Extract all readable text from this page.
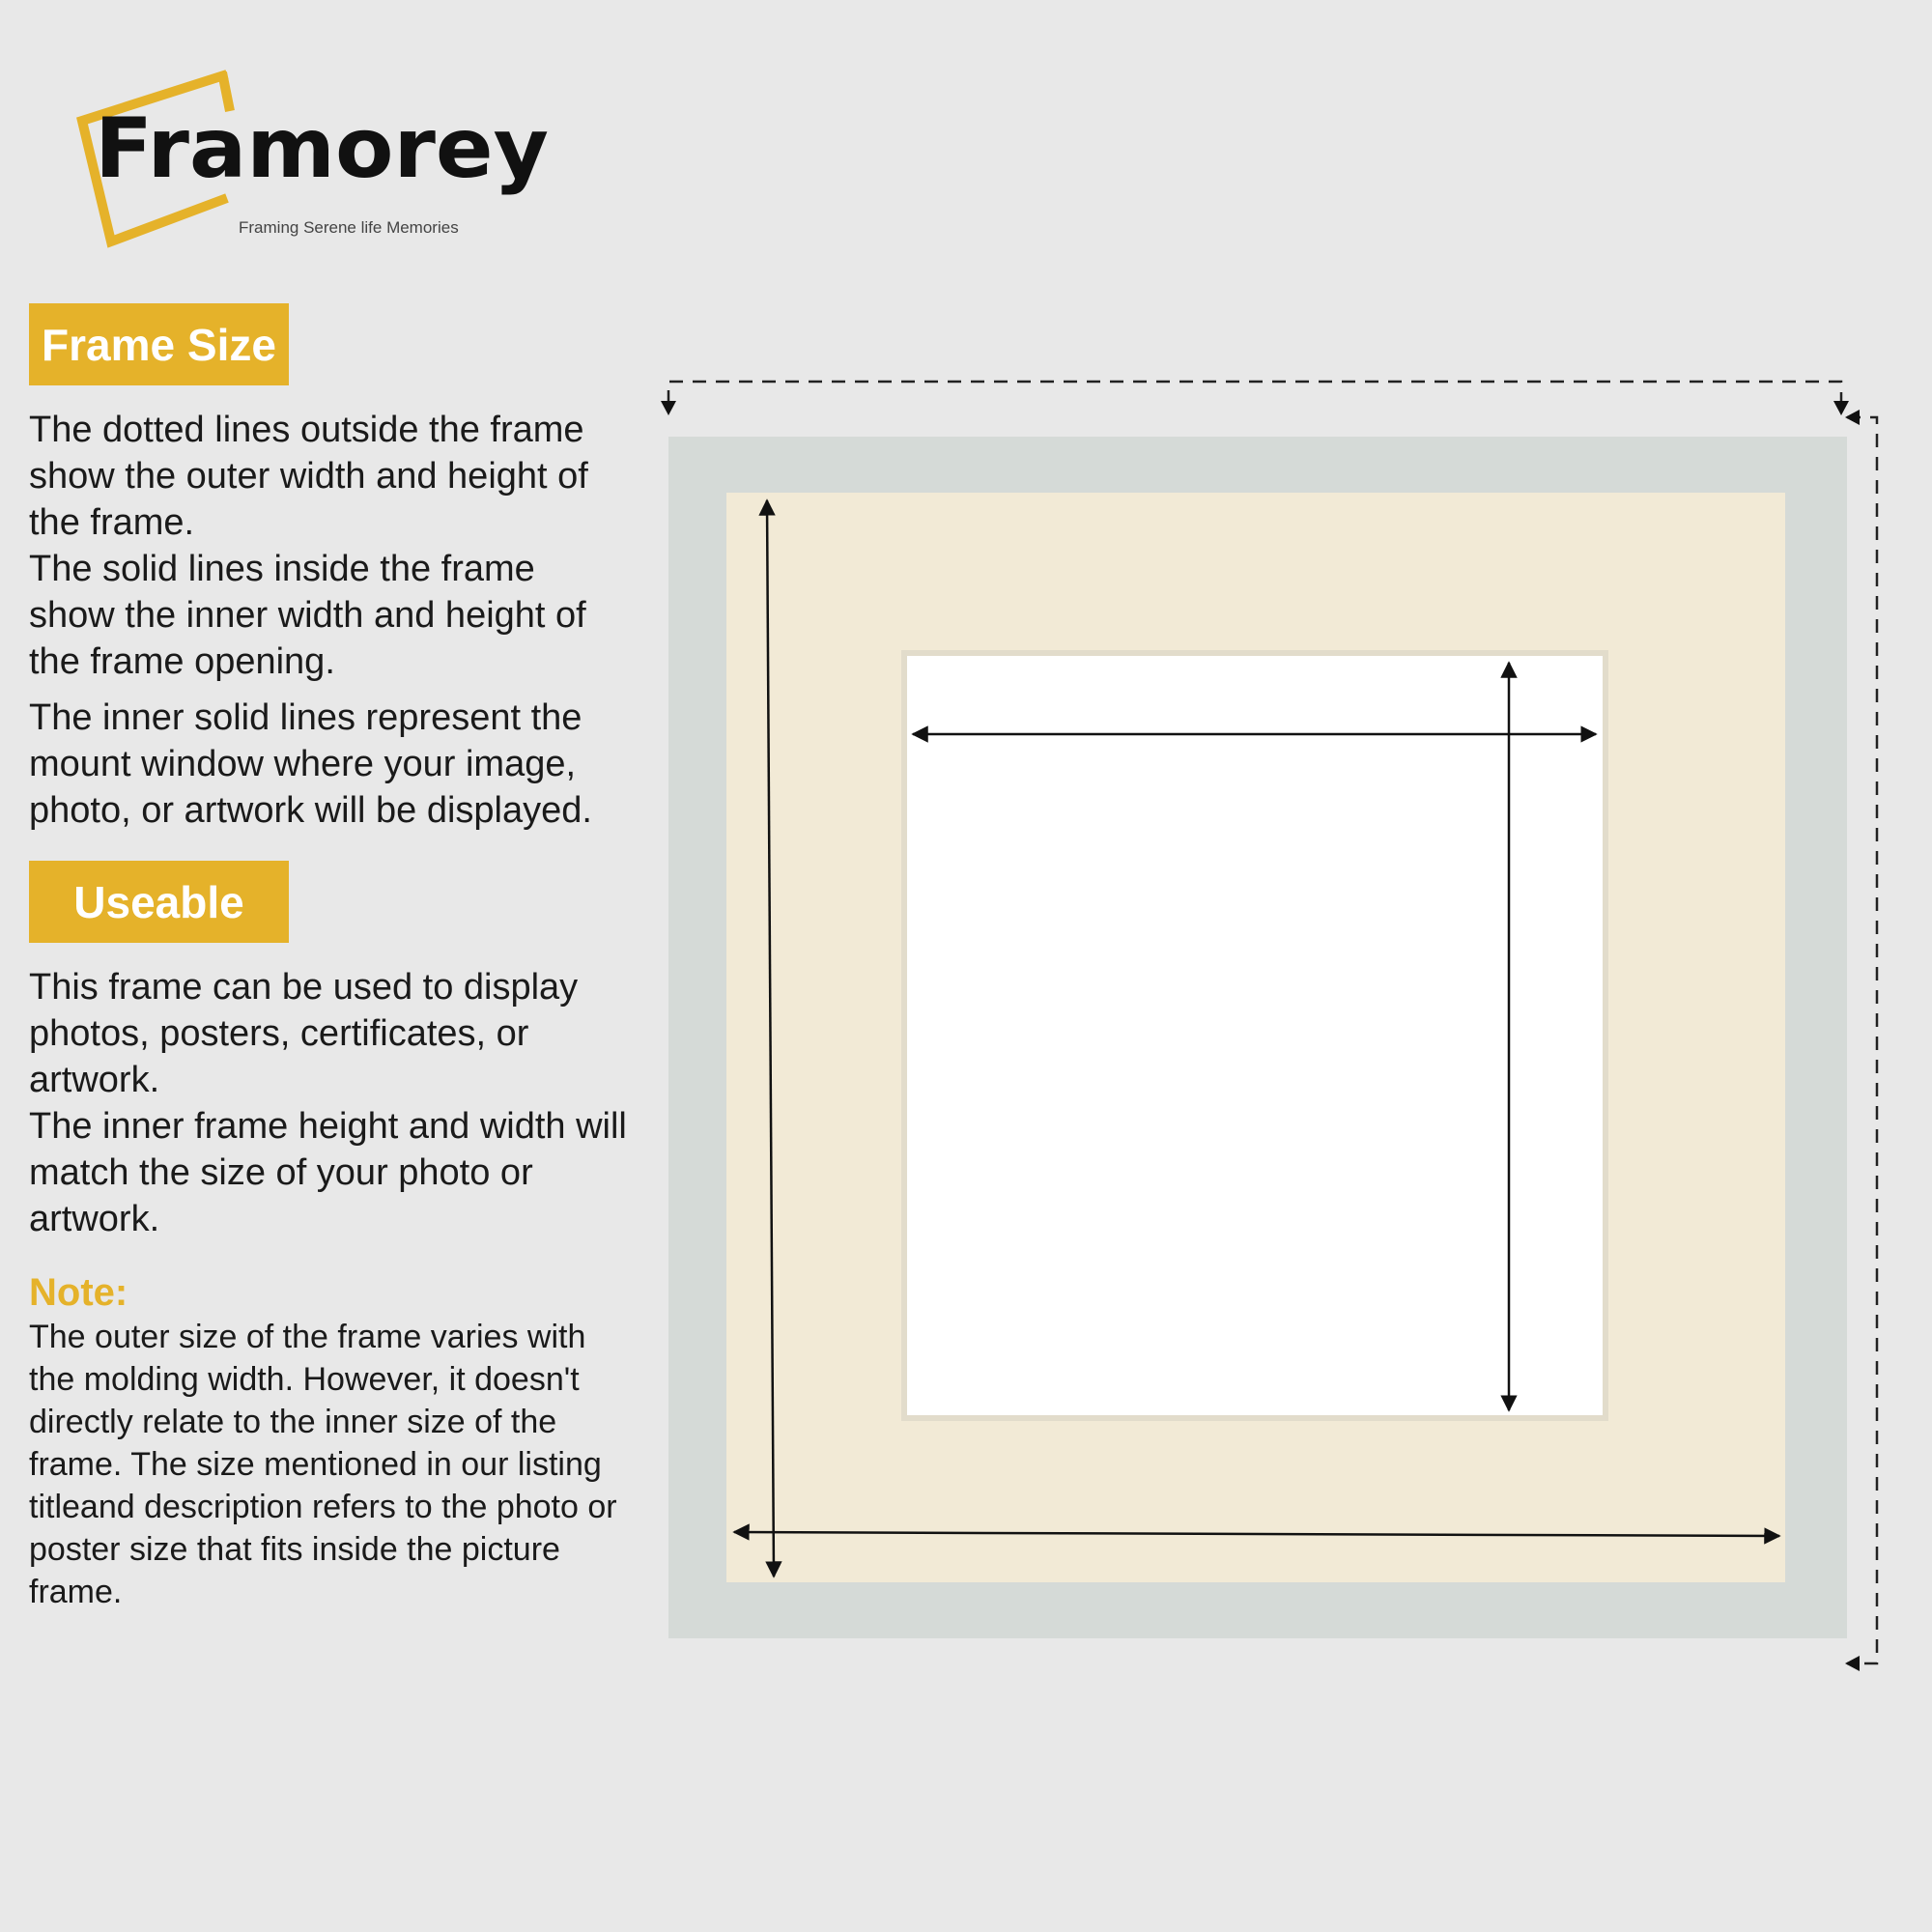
Framorey
Framing Serene life Memories
Frame Size

The dotted lines outside the frame show the outer width and height of the frame.

The solid lines inside the frame show the inner width and height of the frame opening.

The inner solid lines represent the mount window where your image, photo, or artwork will be displayed.

Useable

This frame can be used to display photos, posters, certificates, or artwork.

The inner frame height and width will match the size of your photo or artwork.

Note:
The outer size of the frame varies with the molding width. However, it doesn't directly relate to the inner size of the frame. The size mentioned in our listing titleand description refers to the photo or poster size that fits inside the picture frame.
